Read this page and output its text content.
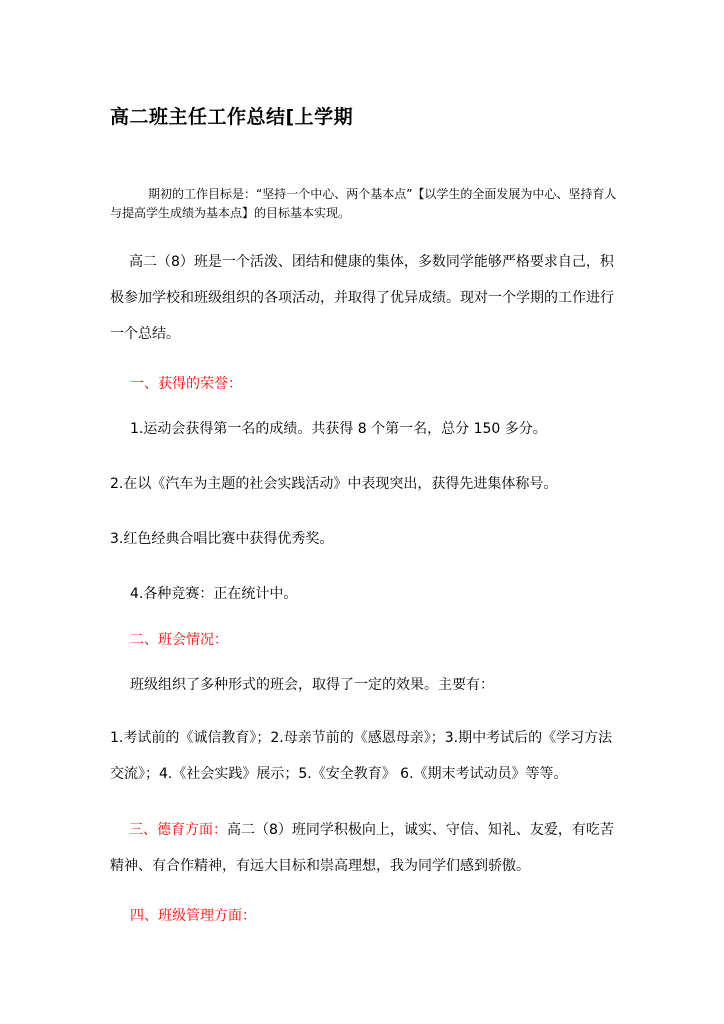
高二班主任工作总结[上学期
期初的工作目标是：“坚持一个中心、两个基本点”【以学生的全面发展为中心、坚持育人与提高学生成绩为基本点】的目标基本实现。
高二（8）班是一个活泼、团结和健康的集体，多数同学能够严格要求自己，积极参加学校和班级组织的各项活动，并取得了优异成绩。现对一个学期的工作进行一个总结。
一、获得的荣誉：
1.运动会获得第一名的成绩。共获得 8 个第一名，总分 150 多分。
2.在以《汽车为主题的社会实践活动》中表现突出，获得先进集体称号。
3.红色经典合唱比赛中获得优秀奖。
4.各种竞赛：正在统计中。
二、班会情况：
班级组织了多种形式的班会，取得了一定的效果。主要有：
1.考试前的《诚信教育》；2.母亲节前的《感恩母亲》；3.期中考试后的《学习方法交流》；4.《社会实践》展示；5.《安全教育》 6.《期末考试动员》等等。
三、德育方面：高二（8）班同学积极向上，诚实、守信、知礼、友爱，有吃苦精神、有合作精神，有远大目标和崇高理想，我为同学们感到骄傲。
四、班级管理方面：
